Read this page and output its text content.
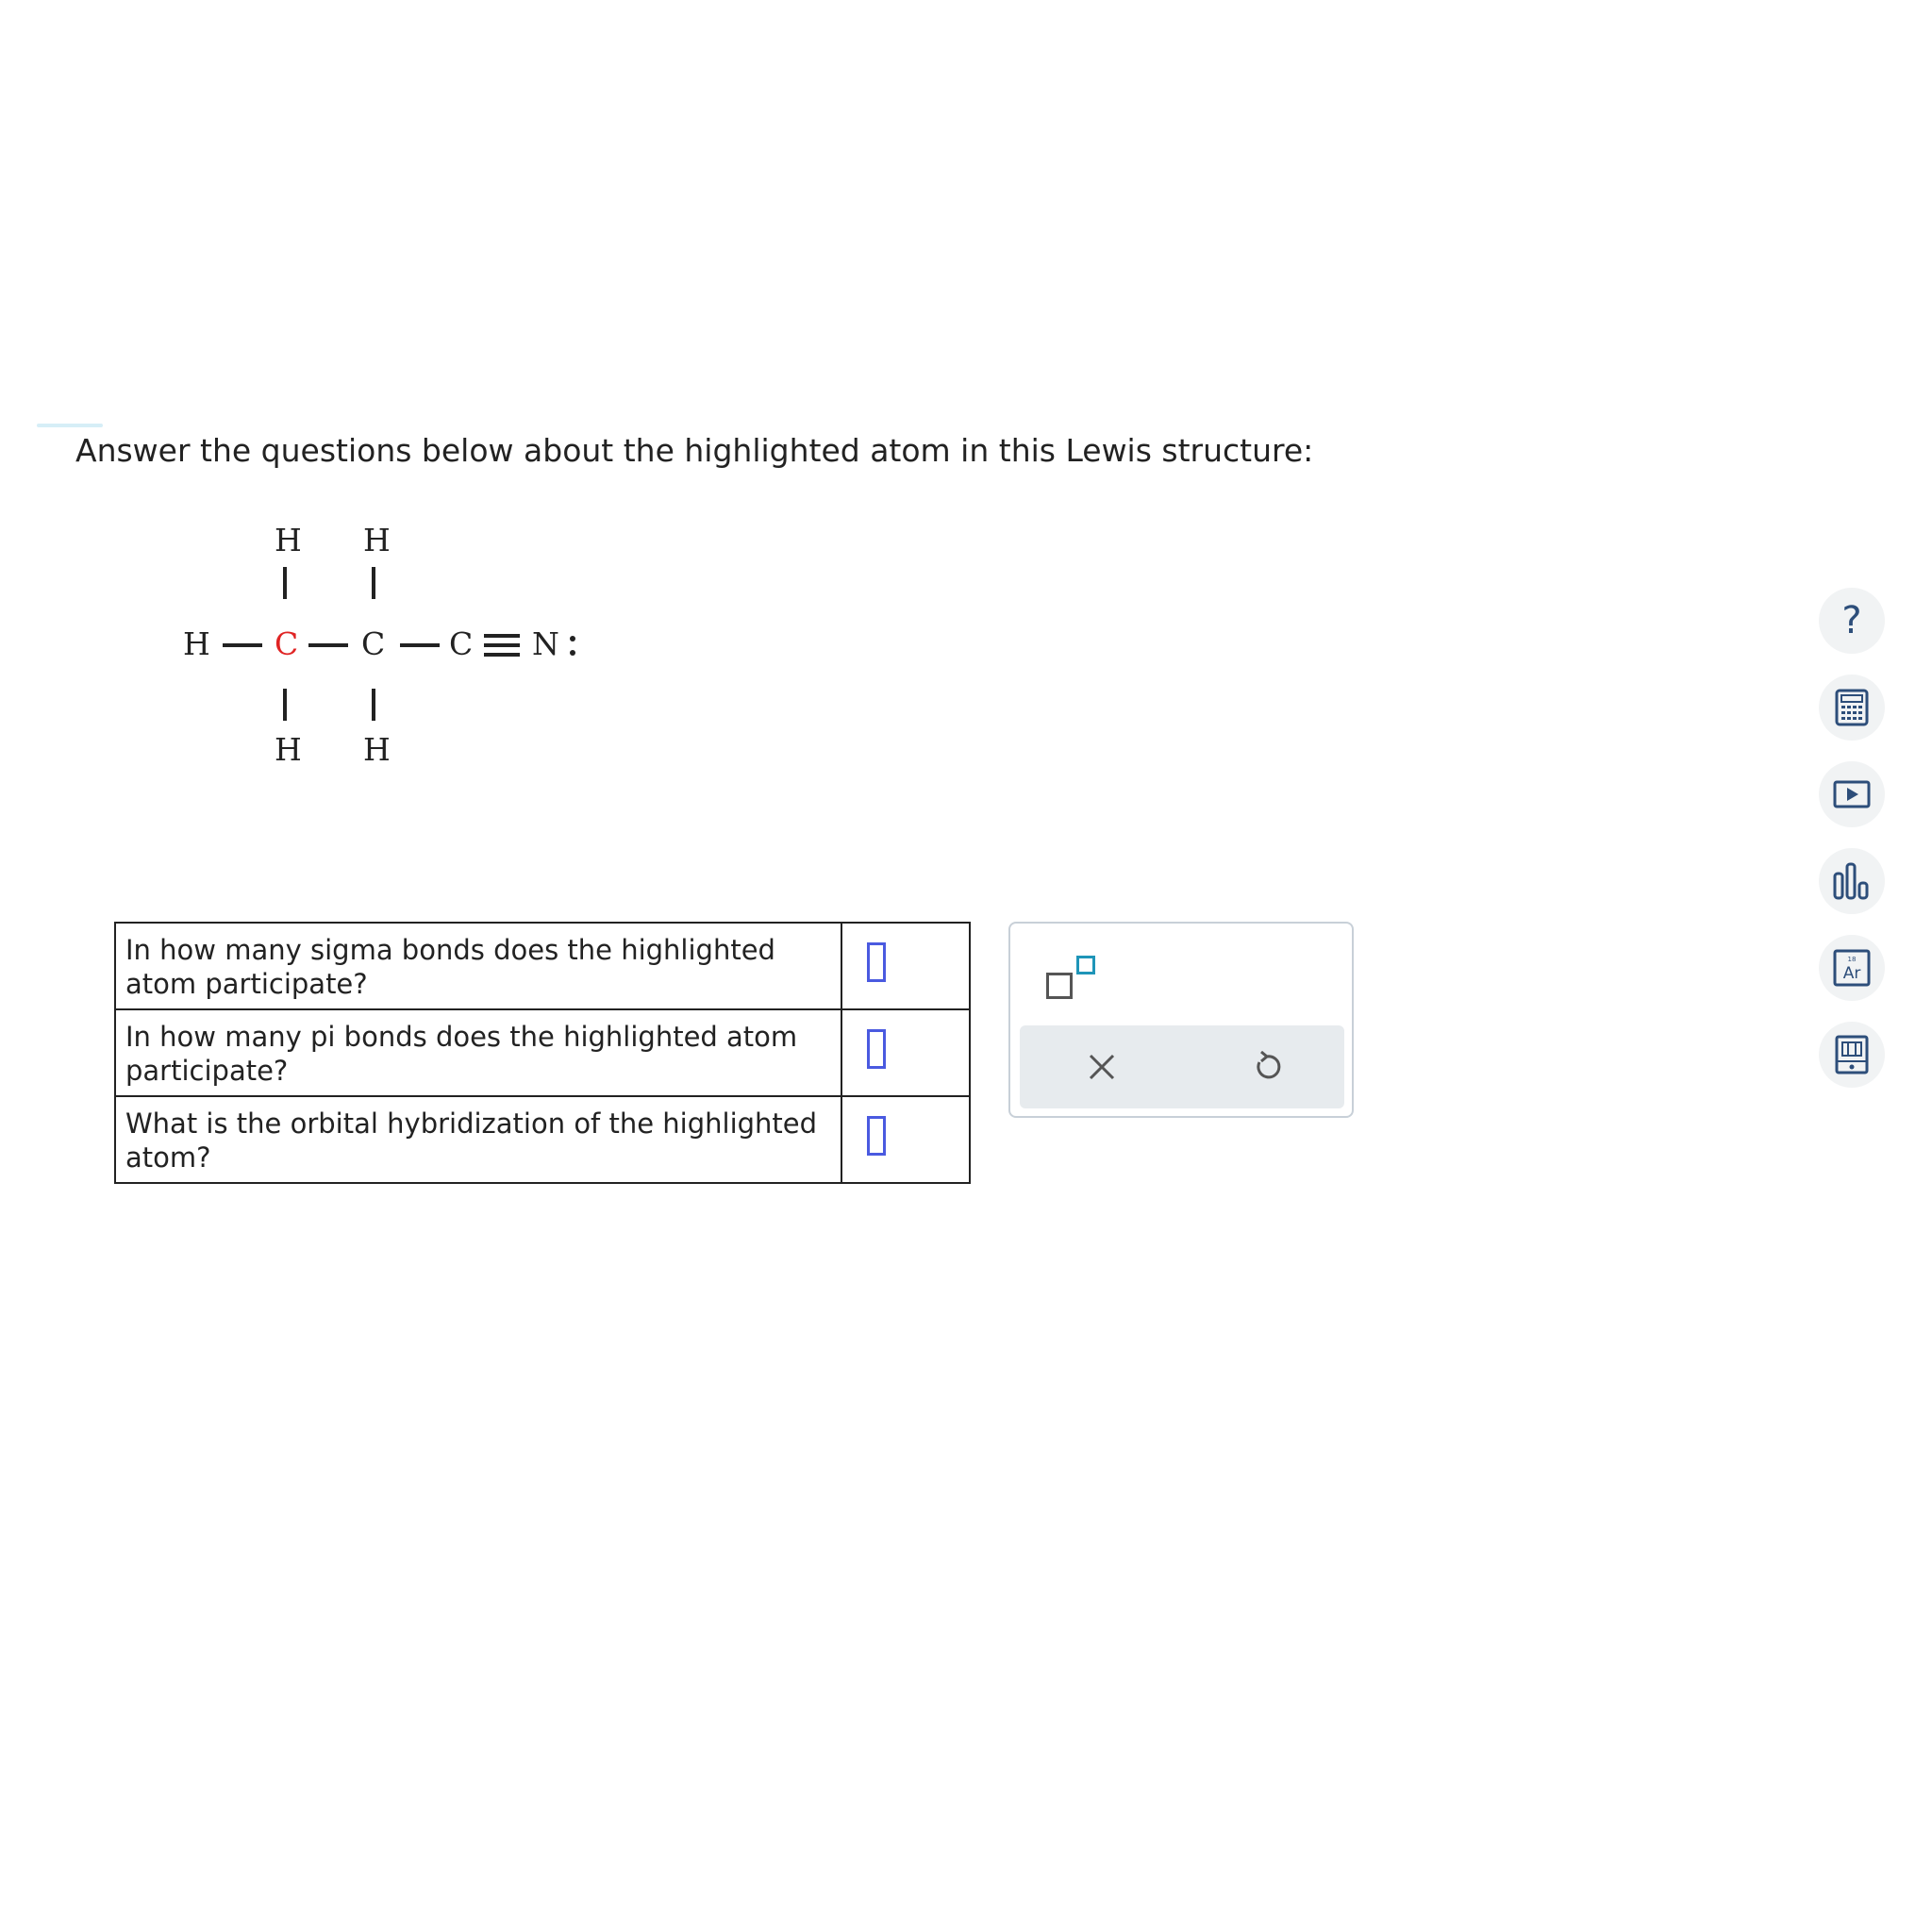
Answer the questions below about the highlighted atom in this Lewis structure:
H H
H C C C N
H H
In how many sigma bonds does the highlighted atom participate?	

In how many pi bonds does the highlighted atom participate?	

What is the orbital hybridization of the highlighted atom?	
?
18
Ar
